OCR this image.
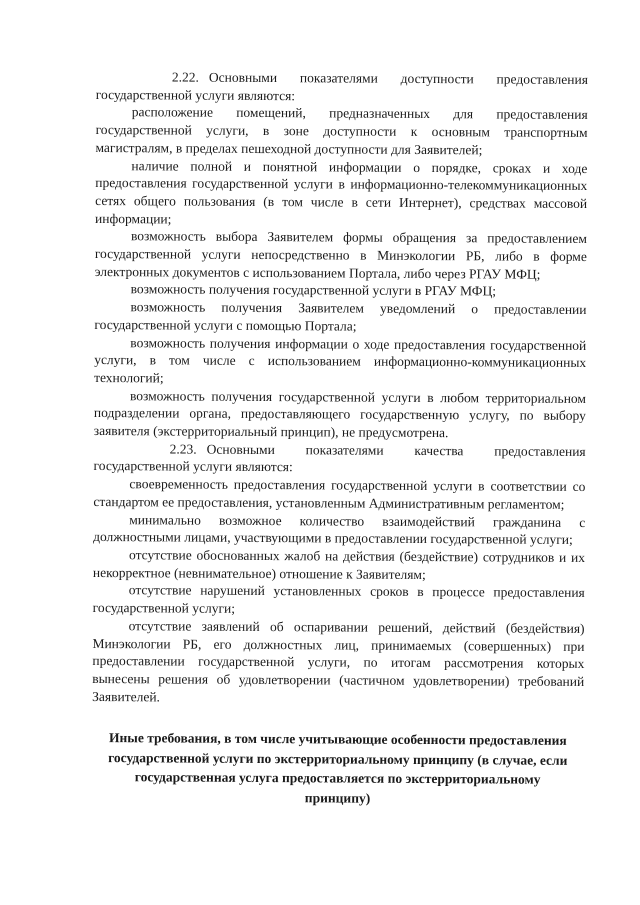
2.22. Основными показателями доступности предоставления государственной услуги являются:

расположение помещений, предназначенных для предоставления государственной услуги, в зоне доступности к основным транспортным магистралям, в пределах пешеходной доступности для Заявителей;

наличие полной и понятной информации о порядке, сроках и ходе предоставления государственной услуги в информационно-телекоммуникационных сетях общего пользования (в том числе в сети Интернет), средствах массовой информации;

возможность выбора Заявителем формы обращения за предоставлением государственной услуги непосредственно в Минэкологии РБ, либо в форме электронных документов с использованием Портала, либо через РГАУ МФЦ;

возможность получения государственной услуги в РГАУ МФЦ;

возможность получения Заявителем уведомлений о предоставлении государственной услуги с помощью Портала;

возможность получения информации о ходе предоставления государственной услуги, в том числе с использованием информационно-коммуникационных технологий;

возможность получения государственной услуги в любом территориальном подразделении органа, предоставляющего государственную услугу, по выбору заявителя (экстерриториальный принцип), не предусмотрена.

2.23. Основными показателями качества предоставления государственной услуги являются:

своевременность предоставления государственной услуги в соответствии со стандартом ее предоставления, установленным Административным регламентом;

минимально возможное количество взаимодействий гражданина с должностными лицами, участвующими в предоставлении государственной услуги;

отсутствие обоснованных жалоб на действия (бездействие) сотрудников и их некорректное (невнимательное) отношение к Заявителям;

отсутствие нарушений установленных сроков в процессе предоставления государственной услуги;

отсутствие заявлений об оспаривании решений, действий (бездействия) Минэкологии РБ, его должностных лиц, принимаемых (совершенных) при предоставлении государственной услуги, по итогам рассмотрения которых вынесены решения об удовлетворении (частичном удовлетворении) требований Заявителей.

Иные требования, в том числе учитывающие особенности предоставления государственной услуги по экстерриториальному принципу (в случае, если государственная услуга предоставляется по экстерриториальному принципу)
